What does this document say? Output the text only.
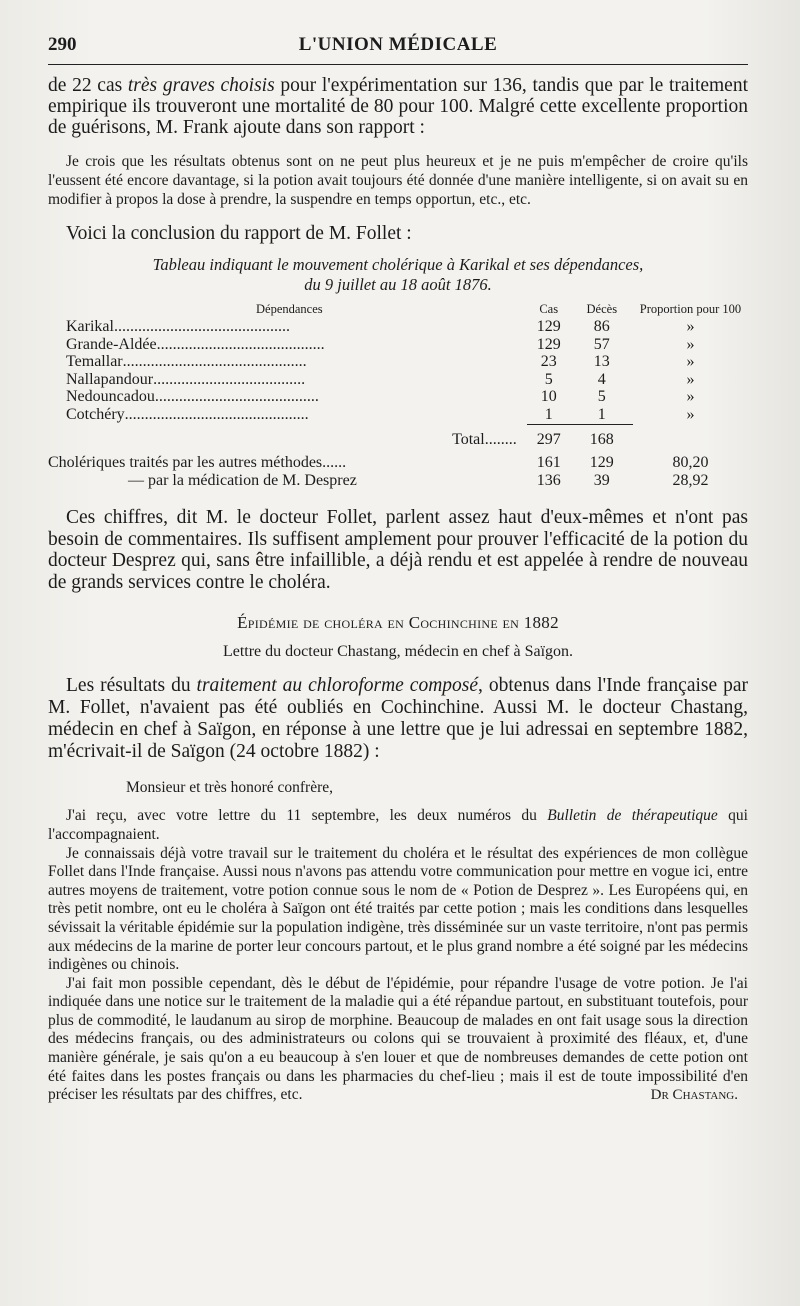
290	L'UNION MÉDICALE

de 22 cas très graves choisis pour l'expérimentation sur 136, tandis que par le traitement empirique ils trouveront une mortalité de 80 pour 100. Malgré cette excellente proportion de guérisons, M. Frank ajoute dans son rapport :

Je crois que les résultats obtenus sont on ne peut plus heureux et je ne puis m'empêcher de croire qu'ils l'eussent été encore davantage, si la potion avait toujours été donnée d'une manière intelligente, si on avait su en modifier à propos la dose à prendre, la suspendre en temps opportun, etc., etc.

Voici la conclusion du rapport de M. Follet :

Tableau indiquant le mouvement cholérique à Karikal et ses dépendances,
du 9 juillet au 18 août 1876.

Dépendances	Cas	Décès	Proportion pour 100
Karikal............................................	129	86	»
Grande-Aldée..........................................	129	57	»
Temallar..............................................	23	13	»
Nallapandour......................................	5	4	»
Nedouncadou.........................................	10	5	»
Cotchéry..............................................	1	1	»

Total........	297	168	

Cholériques traités par les autres méthodes......	161	129	80,20
— par la médication de M. Desprez	136	39	28,92

Ces chiffres, dit M. le docteur Follet, parlent assez haut d'eux-mêmes et n'ont pas besoin de commentaires. Ils suffisent amplement pour prouver l'efficacité de la potion du docteur Desprez qui, sans être infaillible, a déjà rendu et est appelée à rendre de nouveau de grands services contre le choléra.

Épidémie de choléra en Cochinchine en 1882

Lettre du docteur Chastang, médecin en chef à Saïgon.

Les résultats du traitement au chloroforme composé, obtenus dans l'Inde française par M. Follet, n'avaient pas été oubliés en Cochinchine. Aussi M. le docteur Chastang, médecin en chef à Saïgon, en réponse à une lettre que je lui adressai en septembre 1882, m'écrivait-il de Saïgon (24 octobre 1882) :

Monsieur et très honoré confrère,

J'ai reçu, avec votre lettre du 11 septembre, les deux numéros du Bulletin de thérapeutique qui l'accompagnaient.

Je connaissais déjà votre travail sur le traitement du choléra et le résultat des expériences de mon collègue Follet dans l'Inde française. Aussi nous n'avons pas attendu votre communication pour mettre en vogue ici, entre autres moyens de traitement, votre potion connue sous le nom de « Potion de Desprez ». Les Européens qui, en très petit nombre, ont eu le choléra à Saïgon ont été traités par cette potion ; mais les conditions dans lesquelles sévissait la véritable épidémie sur la population indigène, très disséminée sur un vaste territoire, n'ont pas permis aux médecins de la marine de porter leur concours partout, et le plus grand nombre a été soigné par les médecins indigènes ou chinois.

J'ai fait mon possible cependant, dès le début de l'épidémie, pour répandre l'usage de votre potion. Je l'ai indiquée dans une notice sur le traitement de la maladie qui a été répandue partout, en substituant toutefois, pour plus de commodité, le laudanum au sirop de morphine. Beaucoup de malades en ont fait usage sous la direction des médecins français, ou des administrateurs ou colons qui se trouvaient à proximité des fléaux, et, d'une manière générale, je sais qu'on a eu beaucoup à s'en louer et que de nombreuses demandes de cette potion ont été faites dans les postes français ou dans les pharmacies du chef-lieu ; mais il est de toute impossibilité d'en préciser les résultats par des chiffres, etc.	Dr Chastang.
